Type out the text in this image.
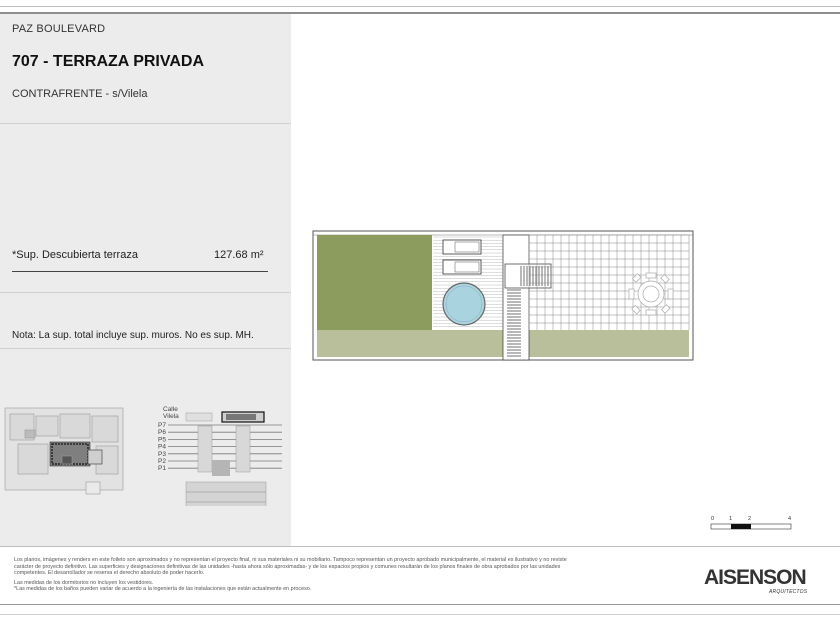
PAZ BOULEVARD
707 - TERRAZA PRIVADA
CONTRAFRENTE - s/Vilela
*Sup. Descubierta terraza	127.68 m²
Nota: La sup. total incluye sup. muros. No es sup. MH.
Calle
Vilela
P7
P6
P5
P4
P3
P2
P1
0	1	2	4

Los planos, imágenes y renders en este folleto son aproximados y no representan el proyecto final, ni sus materiales ni su mobiliario. Tampoco representan un proyecto aprobado municipalmente, el material es ilustrativo y no reviste

carácter de proyecto definitivo. Las superficies y designaciones definitivas de las unidades -hasta ahora sólo aproximadas- y de los espacios propios y comunes resultarán de los planos finales de obra aprobados por las unidades

competentes. El desarrollador se reserva el derecho absoluto de poder hacerlo.

Las medidas de los dormitorios no incluyen los vestidores.

*Las medidas de los baños pueden variar de acuerdo a la ingeniería de las instalaciones que están actualmente en proceso.

AISENSON
ARQUITECTOS
